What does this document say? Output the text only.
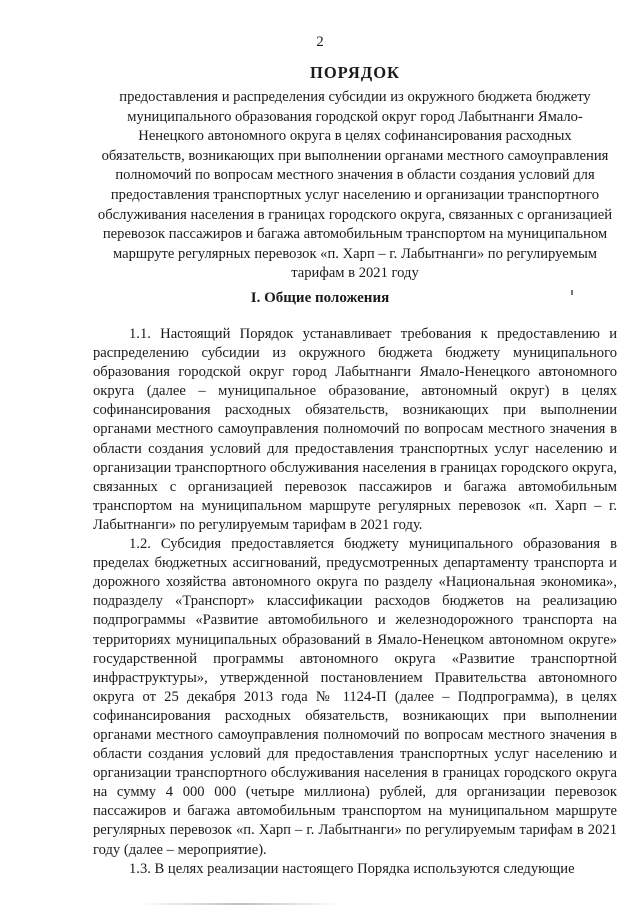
2
ПОРЯДОК

предоставления и распределения субсидии из окружного бюджета бюджету муниципального образования городской округ город Лабытнанги Ямало-Ненецкого автономного округа в целях софинансирования расходных обязательств, возникающих при выполнении органами местного самоуправления полномочий по вопросам местного значения в области создания условий для предоставления транспортных услуг населению и организации транспортного обслуживания населения в границах городского округа, связанных с организацией перевозок пассажиров и багажа автомобильным транспортом на муниципальном маршруте регулярных перевозок «п. Харп – г. Лабытнанги» по регулируемым тарифам в 2021 году

I. Общие положения

1.1. Настоящий Порядок устанавливает требования к предоставлению и распределению субсидии из окружного бюджета бюджету муниципального образования городской округ город Лабытнанги Ямало-Ненецкого автономного округа (далее – муниципальное образование, автономный округ) в целях софинансирования расходных обязательств, возникающих при выполнении органами местного самоуправления полномочий по вопросам местного значения в области создания условий для предоставления транспортных услуг населению и организации транспортного обслуживания населения в границах городского округа, связанных с организацией перевозок пассажиров и багажа автомобильным транспортом на муниципальном маршруте регулярных перевозок «п. Харп – г. Лабытнанги» по регулируемым тарифам в 2021 году.

1.2. Субсидия предоставляется бюджету муниципального образования в пределах бюджетных ассигнований, предусмотренных департаменту транспорта и дорожного хозяйства автономного округа по разделу «Национальная экономика», подразделу «Транспорт» классификации расходов бюджетов на реализацию подпрограммы «Развитие автомобильного и железнодорожного транспорта на территориях муниципальных образований в Ямало-Ненецком автономном округе» государственной программы автономного округа «Развитие транспортной инфраструктуры», утвержденной постановлением Правительства автономного округа от 25 декабря 2013 года № 1124-П (далее – Подпрограмма), в целях софинансирования расходных обязательств, возникающих при выполнении органами местного самоуправления полномочий по вопросам местного значения в области создания условий для предоставления транспортных услуг населению и организации транспортного обслуживания населения в границах городского округа на сумму 4 000 000 (четыре миллиона) рублей, для организации перевозок пассажиров и багажа автомобильным транспортом на муниципальном маршруте регулярных перевозок «п. Харп – г. Лабытнанги» по регулируемым тарифам в 2021 году (далее – мероприятие).

1.3. В целях реализации настоящего Порядка используются следующие
